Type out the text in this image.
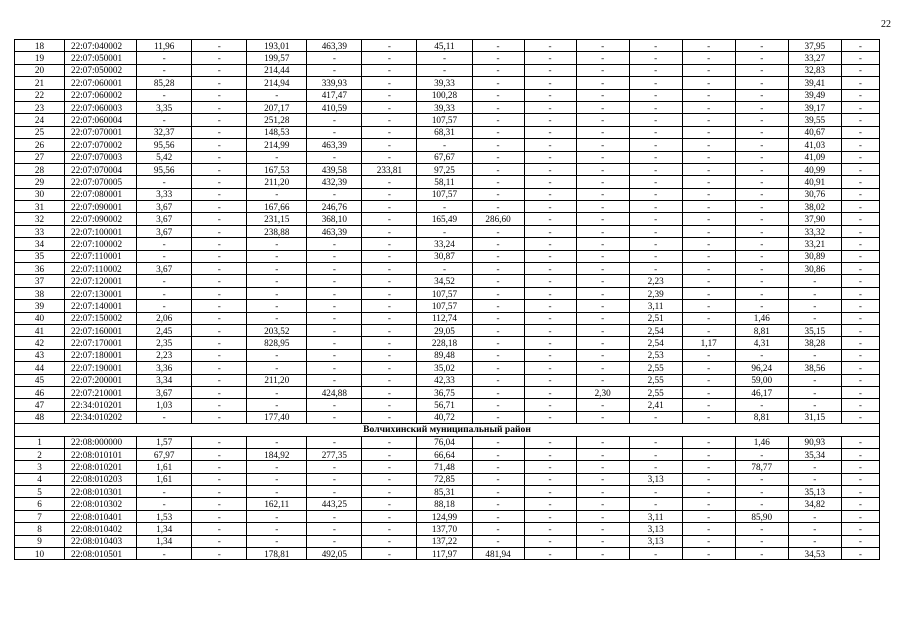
22
18	22:07:040002	11,96	-	193,01	463,39	-	45,11	-	-	-	-	-	-	37,95	-
19	22:07:050001	-	-	199,57	-	-	-	-	-	-	-	-	-	33,27	-
20	22:07:050002	-	-	214,44	-	-	-	-	-	-	-	-	-	32,83	-
21	22:07:060001	85,28	-	214,94	339,93	-	39,33	-	-	-	-	-	-	39,41	-
22	22:07:060002	-	-	-	417,47	-	100,28	-	-	-	-	-	-	39,49	-
23	22:07:060003	3,35	-	207,17	410,59	-	39,33	-	-	-	-	-	-	39,17	-
24	22:07:060004	-	-	251,28	-	-	107,57	-	-	-	-	-	-	39,55	-
25	22:07:070001	32,37	-	148,53	-	-	68,31	-	-	-	-	-	-	40,67	-
26	22:07:070002	95,56	-	214,99	463,39	-	-	-	-	-	-	-	-	41,03	-
27	22:07:070003	5,42	-	-	-	-	67,67	-	-	-	-	-	-	41,09	-
28	22:07:070004	95,56	-	167,53	439,58	233,81	97,25	-	-	-	-	-	-	40,99	-
29	22:07:070005	-	-	211,20	432,39	-	58,11	-	-	-	-	-	-	40,91	-
30	22:07:080001	3,33	-	-	-	-	107,57	-	-	-	-	-	-	30,76	-
31	22:07:090001	3,67	-	167,66	246,76	-	-	-	-	-	-	-	-	38,02	-
32	22:07:090002	3,67	-	231,15	368,10	-	165,49	286,60	-	-	-	-	-	37,90	-
33	22:07:100001	3,67	-	238,88	463,39	-	-	-	-	-	-	-	-	33,32	-
34	22:07:100002	-	-	-	-	-	33,24	-	-	-	-	-	-	33,21	-
35	22:07:110001	-	-	-	-	-	30,87	-	-	-	-	-	-	30,89	-
36	22:07:110002	3,67	-	-	-	-	-	-	-	-	-	-	-	30,86	-
37	22:07:120001	-	-	-	-	-	34,52	-	-	-	2,23	-	-	-	-
38	22:07:130001	-	-	-	-	-	107,57	-	-	-	2,39	-	-	-	-
39	22:07:140001	-	-	-	-	-	107,57	-	-	-	3,11	-	-	-	-
40	22:07:150002	2,06	-	-	-	-	112,74	-	-	-	2,51	-	1,46	-	-
41	22:07:160001	2,45	-	203,52	-	-	29,05	-	-	-	2,54	-	8,81	35,15	-
42	22:07:170001	2,35	-	828,95	-	-	228,18	-	-	-	2,54	1,17	4,31	38,28	-
43	22:07:180001	2,23	-	-	-	-	89,48	-	-	-	2,53	-	-	-	-
44	22:07:190001	3,36	-	-	-	-	35,02	-	-	-	2,55	-	96,24	38,56	-
45	22:07:200001	3,34	-	211,20	-	-	42,33	-	-	-	2,55	-	59,00	-	-
46	22:07:210001	3,67	-	-	424,88	-	36,75	-	-	2,30	2,55	-	46,17	-	-
47	22:34:010201	1,03	-	-	-	-	56,71	-	-	-	2,41	-	-	-	-
48	22:34:010202	-	-	177,40	-	-	40,72	-	-	-	-	-	8,81	31,15	-
Волчихинский муниципальный район															
1	22:08:000000	1,57	-	-	-	-	76,04	-	-	-	-	-	1,46	90,93	-
2	22:08:010101	67,97	-	184,92	277,35	-	66,64	-	-	-	-	-	-	35,34	-
3	22:08:010201	1,61	-	-	-	-	71,48	-	-	-	-	-	78,77	-	-
4	22:08:010203	1,61	-	-	-	-	72,85	-	-	-	3,13	-	-	-	-
5	22:08:010301	-	-	-	-	-	85,31	-	-	-	-	-	-	35,13	-
6	22:08:010302	-	-	162,11	443,25	-	88,18	-	-	-	-	-	-	34,82	-
7	22:08:010401	1,53	-	-	-	-	124,99	-	-	-	3,11	-	85,90	-	-
8	22:08:010402	1,34	-	-	-	-	137,70	-	-	-	3,13	-	-	-	-
9	22:08:010403	1,34	-	-	-	-	137,22	-	-	-	3,13	-	-	-	-
10	22:08:010501	-	-	178,81	492,05	-	117,97	481,94	-	-	-	-	-	34,53	-
